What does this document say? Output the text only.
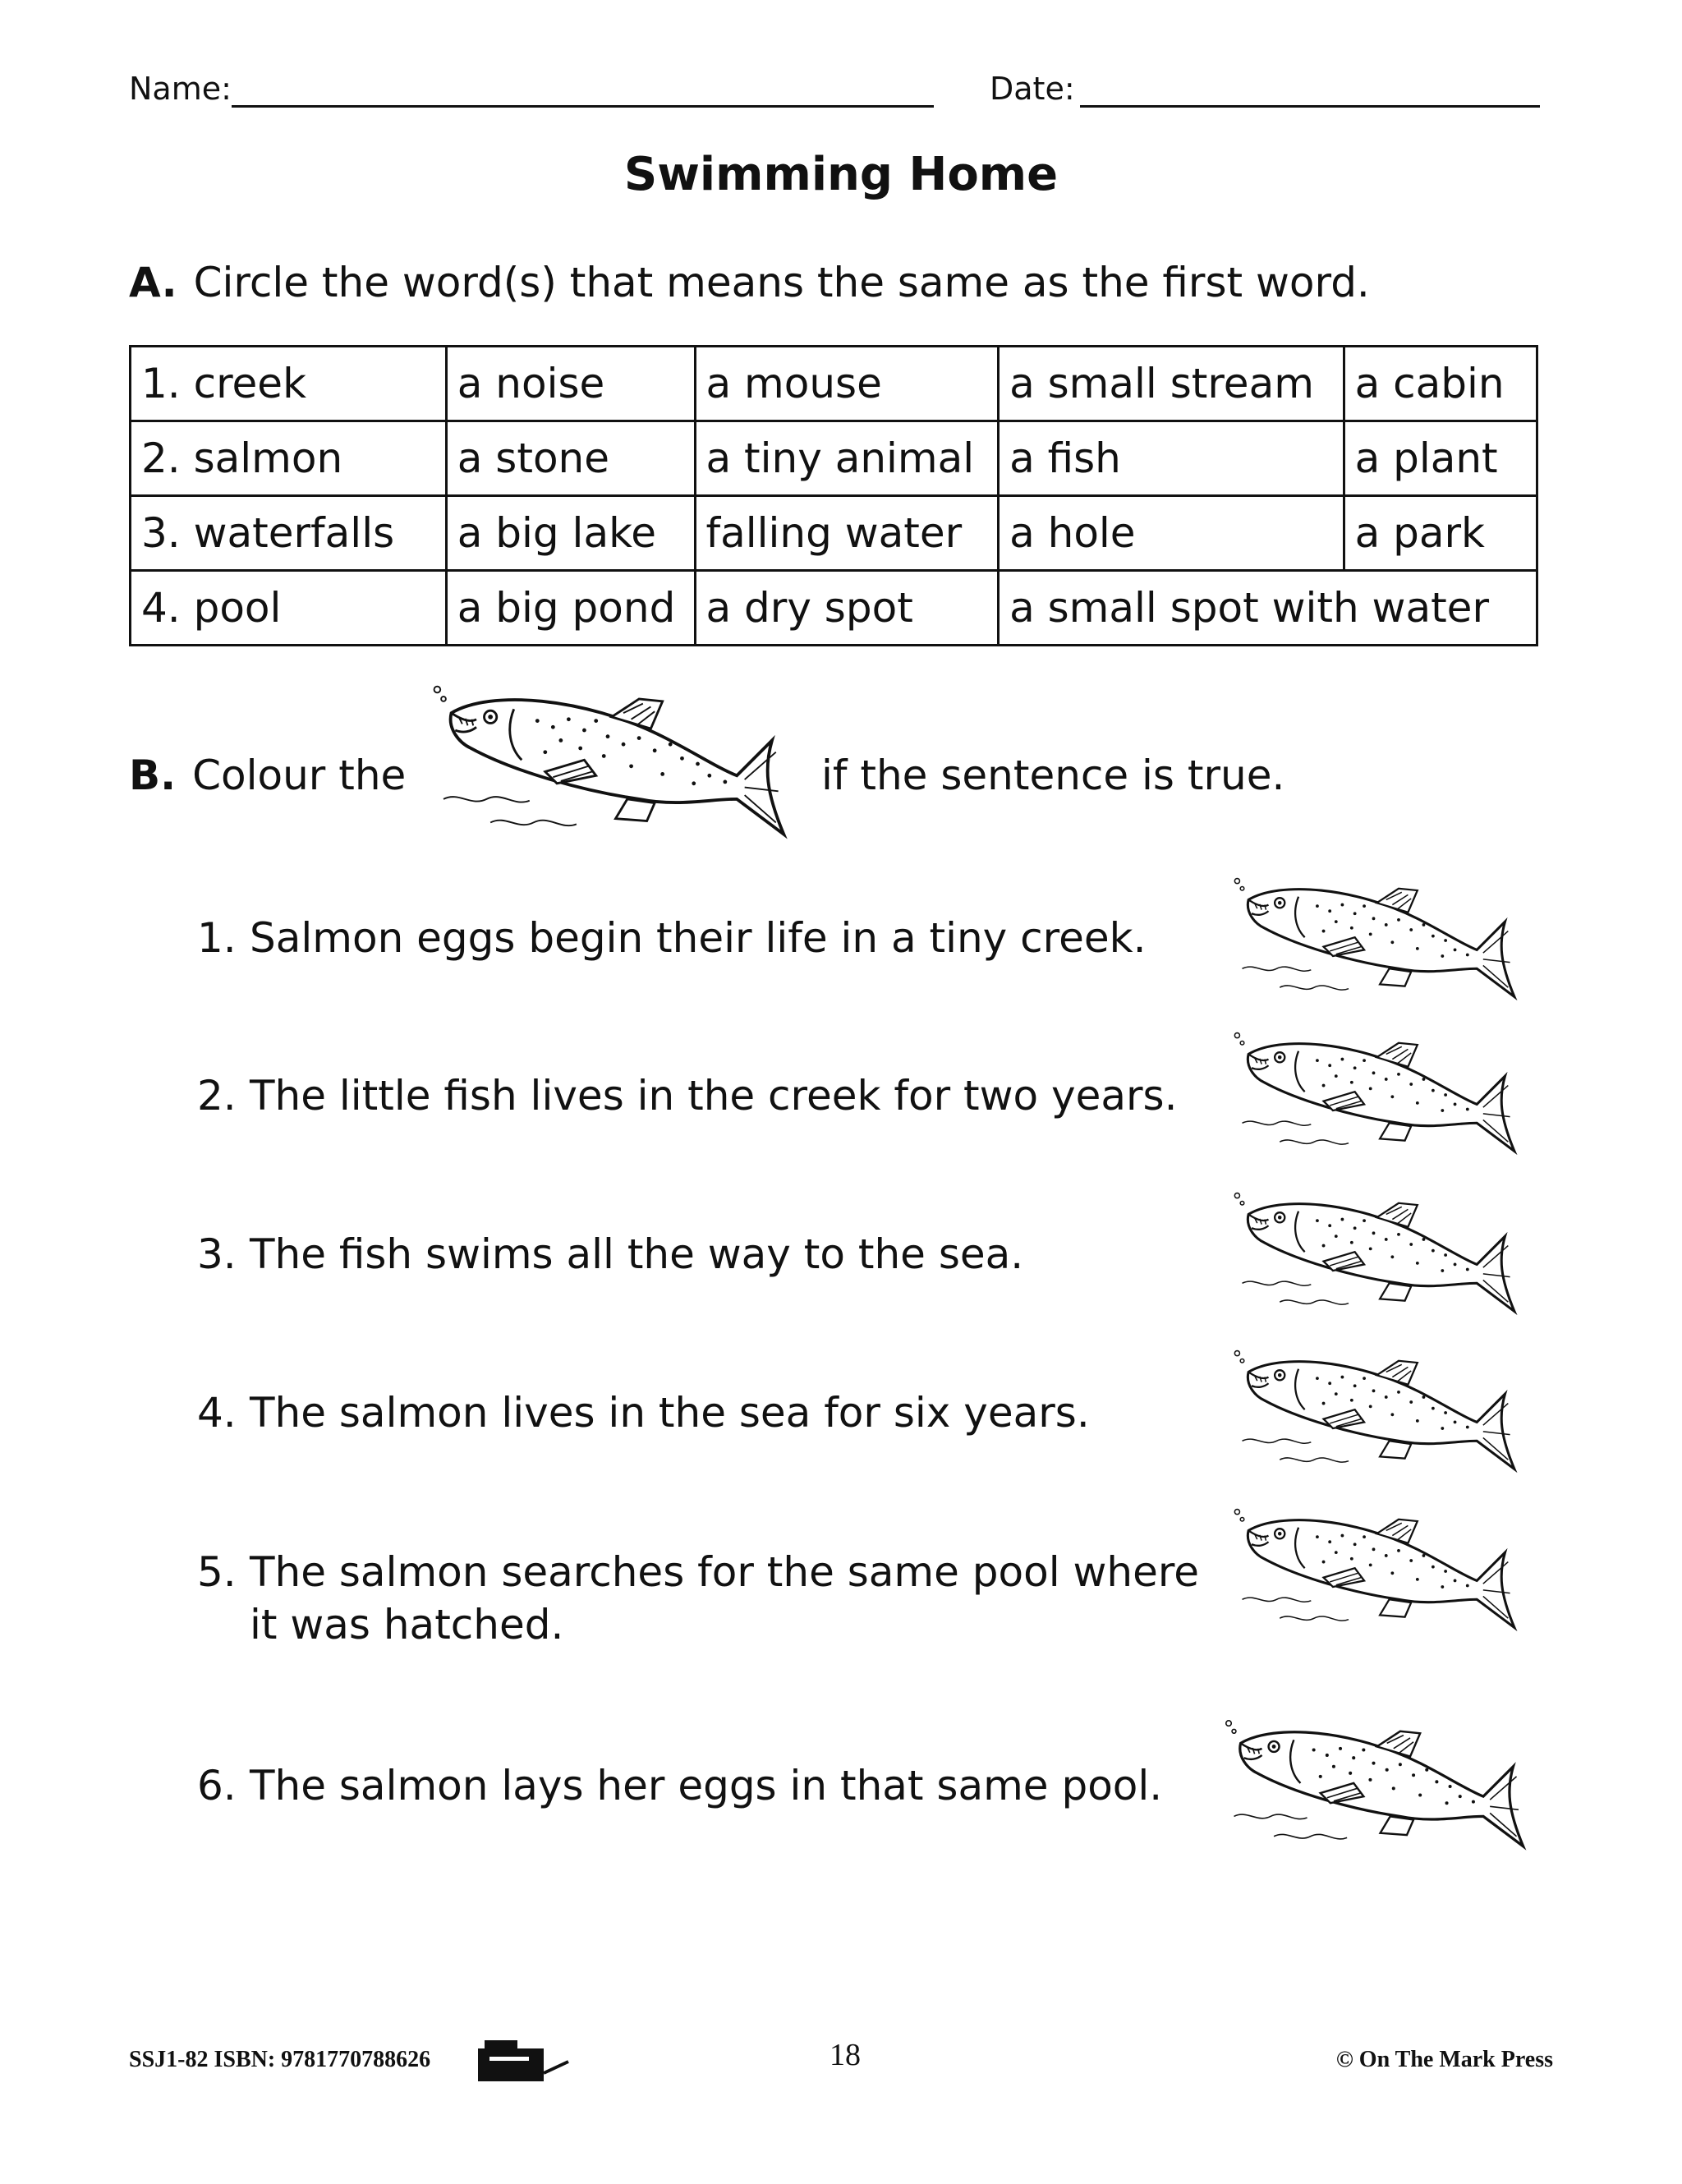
Name:	Date:
Swimming Home
A. Circle the word(s) that means the same as the first word.
1. creek	a noise	a mouse	a small stream	a cabin
2. salmon	a stone	a tiny animal	a fish	a plant
3. waterfalls	a big lake	falling water	a hole	a park
4. pool	a big pond	a dry spot	a small spot with water	
B. Colour the	if the sentence is true.
1. Salmon eggs begin their life in a tiny creek.
2. The little fish lives in the creek for two years.
3. The fish swims all the way to the sea.
4. The salmon lives in the sea for six years.
5. The salmon searches for the same pool where
it was hatched.
6. The salmon lays her eggs in that same pool.
SSJ1-82 ISBN: 9781770788626	18	© On The Mark Press
